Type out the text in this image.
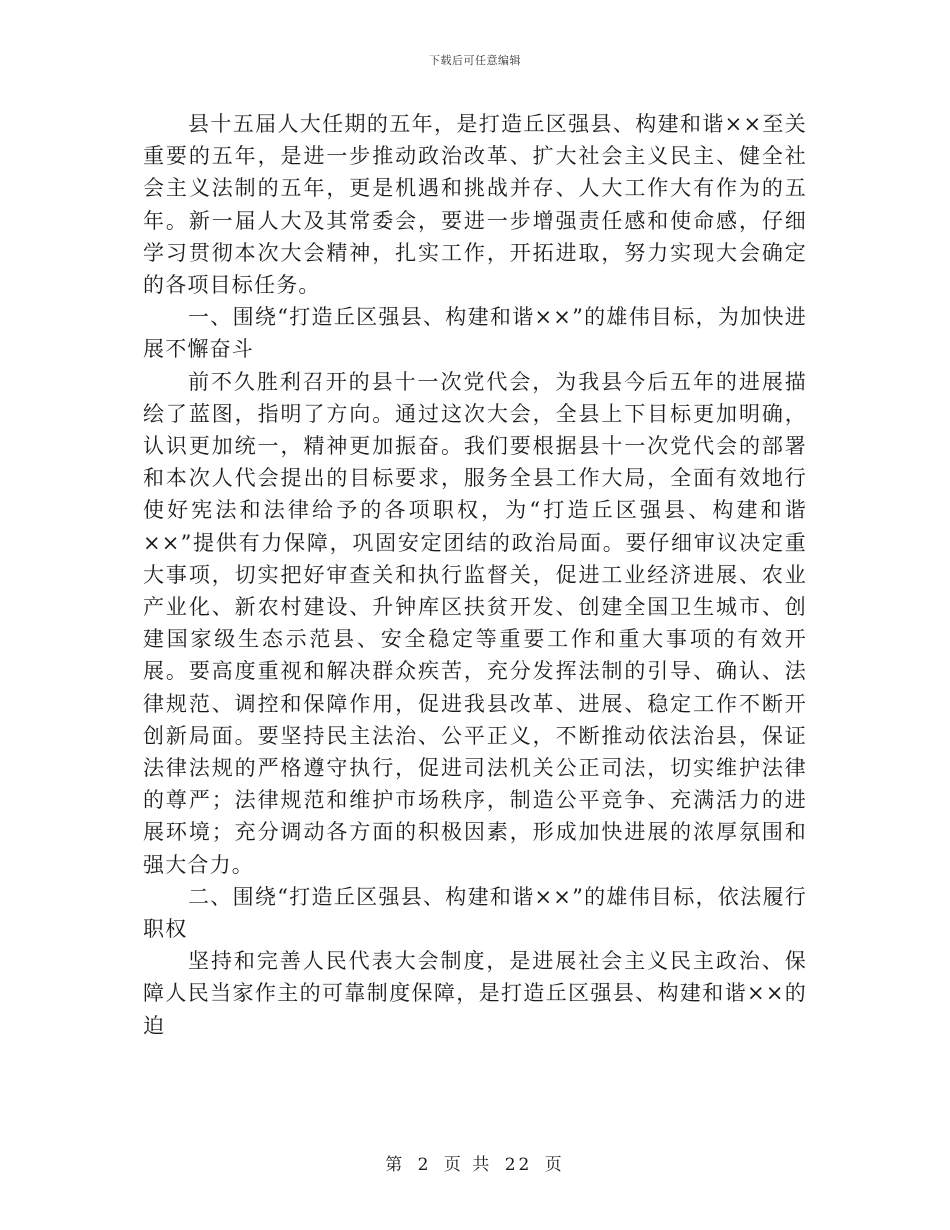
下载后可任意编辑

县十五届人大任期的五年，是打造丘区强县、构建和谐××至关重要的五年，是进一步推动政治改革、扩大社会主义民主、健全社会主义法制的五年，更是机遇和挑战并存、人大工作大有作为的五年。新一届人大及其常委会，要进一步增强责任感和使命感，仔细学习贯彻本次大会精神，扎实工作，开拓进取，努力实现大会确定的各项目标任务。

一、围绕“打造丘区强县、构建和谐××”的雄伟目标，为加快进展不懈奋斗

前不久胜利召开的县十一次党代会，为我县今后五年的进展描绘了蓝图，指明了方向。通过这次大会，全县上下目标更加明确，认识更加统一，精神更加振奋。我们要根据县十一次党代会的部署和本次人代会提出的目标要求，服务全县工作大局，全面有效地行使好宪法和法律给予的各项职权，为“打造丘区强县、构建和谐××”提供有力保障，巩固安定团结的政治局面。要仔细审议决定重大事项，切实把好审查关和执行监督关，促进工业经济进展、农业产业化、新农村建设、升钟库区扶贫开发、创建全国卫生城市、创建国家级生态示范县、安全稳定等重要工作和重大事项的有效开展。要高度重视和解决群众疾苦，充分发挥法制的引导、确认、法律规范、调控和保障作用，促进我县改革、进展、稳定工作不断开创新局面。要坚持民主法治、公平正义，不断推动依法治县，保证法律法规的严格遵守执行，促进司法机关公正司法，切实维护法律的尊严；法律规范和维护市场秩序，制造公平竞争、充满活力的进展环境；充分调动各方面的积极因素，形成加快进展的浓厚氛围和强大合力。

二、围绕“打造丘区强县、构建和谐××”的雄伟目标，依法履行职权

坚持和完善人民代表大会制度，是进展社会主义民主政治、保障人民当家作主的可靠制度保障，是打造丘区强县、构建和谐××的迫

第 2 页 共 22 页
